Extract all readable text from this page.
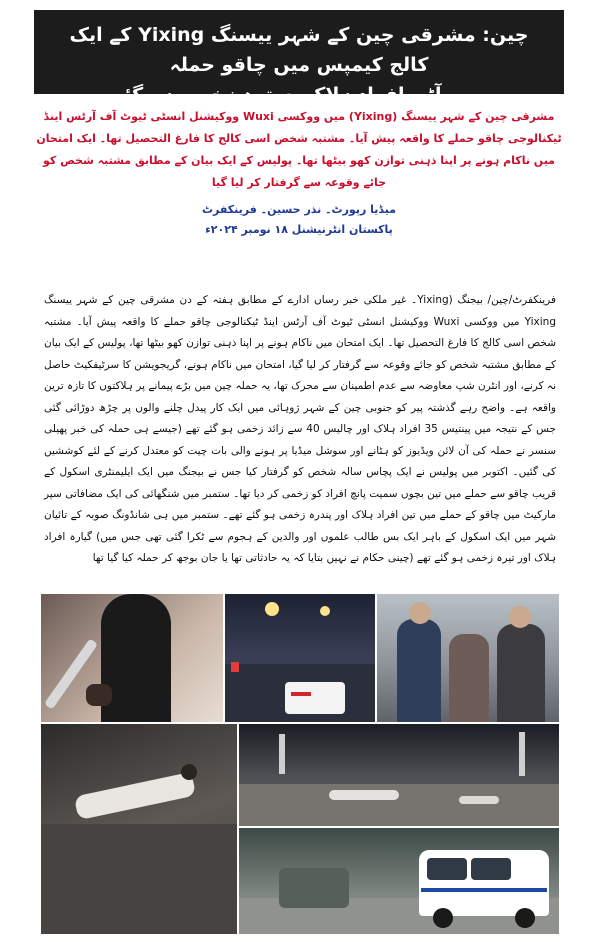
چین: مشرقی چین کے شہر ییسنگ Yixing کے ایک کالج کیمپس میں چاقو حملہ
میں آٹھ افراد ہلاک، سترہ زخمی ہو گئے
مشرقی چین کے شہر ییسنگ (Yixing) میں ووکسی Wuxi ووکیشنل انسٹی ٹیوٹ آف آرٹس اینڈ ٹیکنالوجی چاقو حملے کا واقعہ پیش آیا۔ مشتبہ شخص اسی کالج کا فارغ التحصیل تھا۔ ایک امتحان میں ناکام ہونے پر اپنا ذہنی توازن کھو بیٹھا تھا۔ پولیس کے ایک بیان کے مطابق مشتبہ شخص کو جائے وقوعہ سے گرفتار کر لیا گیا
میڈیا رپورٹ۔ نذر حسین۔ فرینکفرٹ
پاکستان انٹرنیشنل ۱۸ نومبر ۲۰۲۴ء

فرینکفرٹ/چین/ بیجنگ (Yixing۔ غیر ملکی خبر رساں ادارے کے مطابق ہفتہ کے دن مشرقی چین کے شہر ییسنگ Yixing میں ووکسی Wuxi ووکیشنل انسٹی ٹیوٹ آف آرٹس اینڈ ٹیکنالوجی چاقو حملے کا واقعہ پیش آیا۔ مشتبہ شخص اسی کالج کا فارغ التحصیل تھا۔ ایک امتحان میں ناکام ہونے پر اپنا ذہنی توازن کھو بیٹھا تھا، پولیس کے ایک بیان کے مطابق مشتبہ شخص کو جائے وقوعہ سے گرفتار کر لیا گیا، امتحان میں ناکام ہونے، گریجویشن کا سرٹیفکیٹ حاصل نہ کرنے، اور انٹرن شپ معاوضہ سے عدم اطمینان سے محرک تھا، یہ حملہ چین میں بڑے پیمانے پر ہلاکتوں کا تازہ ترین واقعہ ہے۔ واضح رہے گذشتہ پیر کو جنوبی چین کے شہر ژوہائی میں ایک کار پیدل چلنے والوں پر چڑھ دوڑائی گئی جس کے نتیجہ میں پینتیس 35 افراد ہلاک اور چالیس 40 سے زائد زخمی ہو گئے تھے (جیسے ہی حملہ کی خبر پھیلی سنسر نے حملہ کی آن لائن ویڈیوز کو ہٹانے اور سوشل میڈیا پر ہونے والی بات چیت کو معتدل کرنے کے لئے کوششیں کی گئیں۔ اکتوبر میں پولیس نے ایک پچاس سالہ شخص کو گرفتار کیا جس نے بیجنگ میں ایک ایلیمنٹری اسکول کے قریب چاقو سے حملے میں تین بچوں سمیت پانچ افراد کو زخمی کر دیا تھا۔ ستمبر میں شنگھائی کی ایک مضافاتی سپر مارکیٹ میں چاقو کے حملے میں تین افراد ہلاک اور پندرہ زخمی ہو گئے تھے۔ ستمبر میں ہی شانڈونگ صوبہ کے تائیان شہر میں ایک اسکول کے باہر ایک بس طالب علموں اور والدین کے ہجوم سے ٹکرا گئی تھی جس میں) گیارہ افراد ہلاک اور تیرہ زخمی ہو گئے تھے (چینی حکام نے نہیں بتایا کہ یہ حادثاتی تھا یا جان بوجھ کر حملہ کیا گیا تھا
